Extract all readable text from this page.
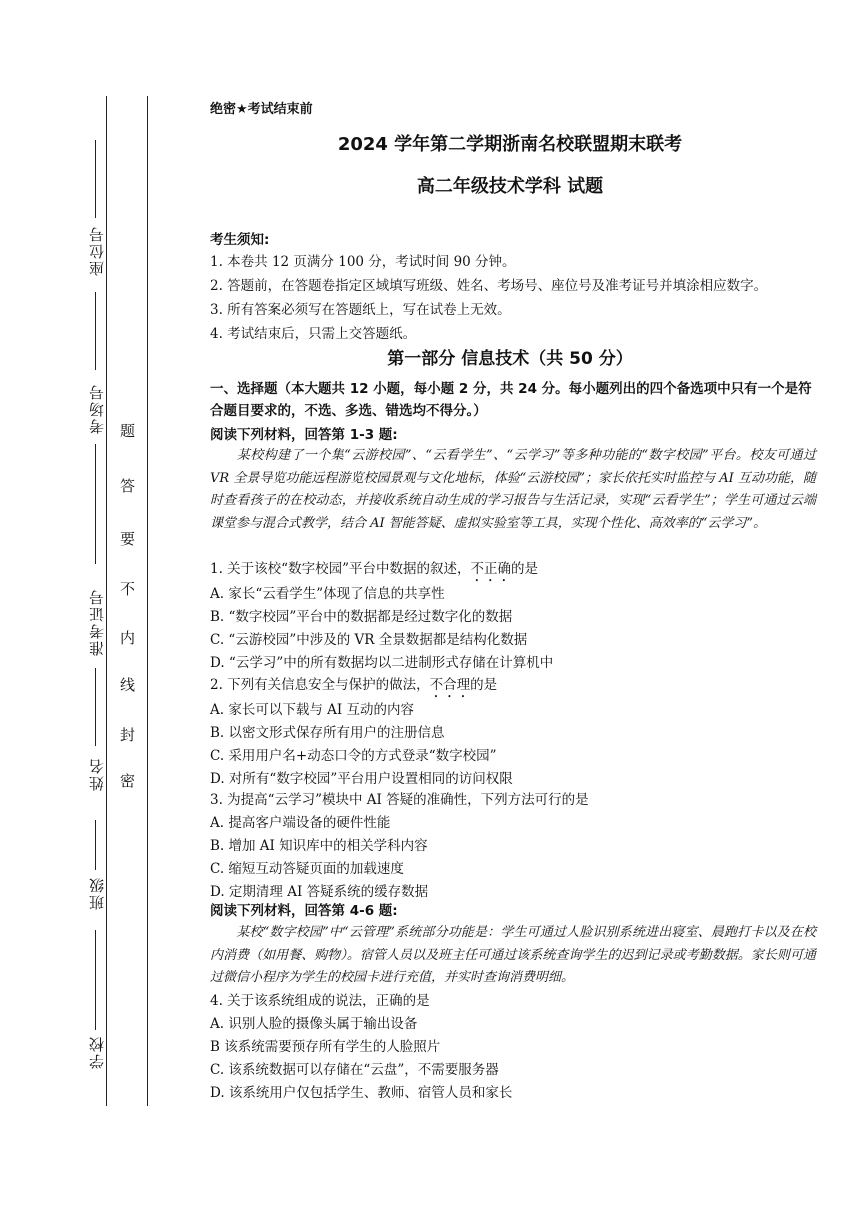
座位号
考场号
准考证号
姓名
班级
学校
题
答
要
不
内
线
封
密
绝密★考试结束前
2024 学年第二学期浙南名校联盟期末联考
高二年级技术学科 试题
考生须知:
1. 本卷共 12 页满分 100 分，考试时间 90 分钟。
2. 答题前，在答题卷指定区域填写班级、姓名、考场号、座位号及准考证号并填涂相应数字。
3. 所有答案必须写在答题纸上，写在试卷上无效。
4. 考试结束后，只需上交答题纸。
第一部分 信息技术（共 50 分）
一、选择题（本大题共 12 小题，每小题 2 分，共 24 分。每小题列出的四个备选项中只有一个是符合题目要求的，不选、多选、错选均不得分。）
阅读下列材料，回答第 1-3 题:
　　某校构建了一个集“云游校园”、“云看学生”、“云学习”等多种功能的“数字校园”平台。校友可通过 VR 全景导览功能远程游览校园景观与文化地标，体验“云游校园”；家长依托实时监控与 AI 互动功能，随时查看孩子的在校动态，并接收系统自动生成的学习报告与生活记录，实现“云看学生”；学生可通过云端课堂参与混合式教学，结合 AI 智能答疑、虚拟实验室等工具，实现个性化、高效率的“云学习”。
1. 关于该校“数字校园”平台中数据的叙述，不正确的是
A. 家长“云看学生”体现了信息的共享性
B. “数字校园”平台中的数据都是经过数字化的数据
C. “云游校园”中涉及的 VR 全景数据都是结构化数据
D. “云学习”中的所有数据均以二进制形式存储在计算机中
2. 下列有关信息安全与保护的做法，不合理的是
A. 家长可以下载与 AI 互动的内容
B. 以密文形式保存所有用户的注册信息
C. 采用用户名+动态口令的方式登录“数字校园”
D. 对所有“数字校园”平台用户设置相同的访问权限
3. 为提高“云学习”模块中 AI 答疑的准确性，下列方法可行的是
A. 提高客户端设备的硬件性能
B. 增加 AI 知识库中的相关学科内容
C. 缩短互动答疑页面的加载速度
D. 定期清理 AI 答疑系统的缓存数据
阅读下列材料，回答第 4-6 题:
　　某校“数字校园”中“云管理”系统部分功能是：学生可通过人脸识别系统进出寝室、晨跑打卡以及在校内消费（如用餐、购物）。宿管人员以及班主任可通过该系统查询学生的迟到记录或考勤数据。家长则可通过微信小程序为学生的校园卡进行充值，并实时查询消费明细。
4. 关于该系统组成的说法，正确的是
A. 识别人脸的摄像头属于输出设备
B 该系统需要预存所有学生的人脸照片
C. 该系统数据可以存储在“云盘”，不需要服务器
D. 该系统用户仅包括学生、教师、宿管人员和家长
